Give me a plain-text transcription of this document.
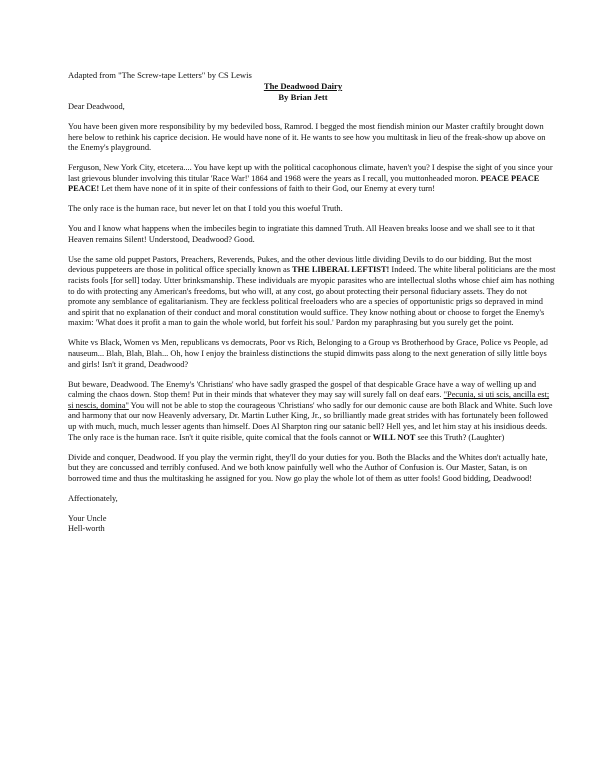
Adapted from "The Screw-tape Letters" by CS Lewis

The Deadwood Dairy

By Brian Jett

Dear Deadwood,

You have been given more responsibility by my bedeviled boss, Ramrod. I begged the most fiendish minion our Master craftily brought down here below to rethink his caprice decision. He would have none of it. He wants to see how you multitask in lieu of the freak-show up above on the Enemy's playground.

Ferguson, New York City, etcetera.... You have kept up with the political cacophonous climate, haven't you? I despise the sight of you since your last grievous blunder involving this titular 'Race War!' 1864 and 1968 were the years as I recall, you muttonheaded moron. PEACE PEACE PEACE! Let them have none of it in spite of their confessions of faith to their God, our Enemy at every turn!

The only race is the human race, but never let on that I told you this woeful Truth.

You and I know what happens when the imbeciles begin to ingratiate this damned Truth. All Heaven breaks loose and we shall see to it that Heaven remains Silent! Understood, Deadwood? Good.

Use the same old puppet Pastors, Preachers, Reverends, Pukes, and the other devious little dividing Devils to do our bidding. But the most devious puppeteers are those in political office specially known as THE LIBERAL LEFTIST! Indeed. The white liberal politicians are the most racists fools [for sell] today. Utter brinksmanship. These individuals are myopic parasites who are intellectual sloths whose chief aim has nothing to do with protecting any American's freedoms, but who will, at any cost, go about protecting their personal fiduciary assets. They do not promote any semblance of egalitarianism. They are feckless political freeloaders who are a species of opportunistic prigs so depraved in mind and spirit that no explanation of their conduct and moral constitution would suffice. They know nothing about or choose to forget the Enemy's maxim: 'What does it profit a man to gain the whole world, but forfeit his soul.' Pardon my paraphrasing but you surely get the point.

White vs Black, Women vs Men, republicans vs democrats, Poor vs Rich, Belonging to a Group vs Brotherhood by Grace, Police vs People, ad nauseum... Blah, Blah, Blah... Oh, how I enjoy the brainless distinctions the stupid dimwits pass along to the next generation of silly little boys and girls! Isn't it grand, Deadwood?

But beware, Deadwood. The Enemy's 'Christians' who have sadly grasped the gospel of that despicable Grace have a way of welling up and calming the chaos down. Stop them! Put in their minds that whatever they may say will surely fall on deaf ears. "Pecunia, si uti scis, ancilla est; si nescis, domina" You will not be able to stop the courageous 'Christians' who sadly for our demonic cause are both Black and White. Such love and harmony that our now Heavenly adversary, Dr. Martin Luther King, Jr., so brilliantly made great strides with has fortunately been followed up with much, much, much lesser agents than himself. Does Al Sharpton ring our satanic bell? Hell yes, and let him stay at his insidious deeds. The only race is the human race. Isn't it quite risible, quite comical that the fools cannot or WILL NOT see this Truth? (Laughter)

Divide and conquer, Deadwood. If you play the vermin right, they'll do your duties for you. Both the Blacks and the Whites don't actually hate, but they are concussed and terribly confused. And we both know painfully well who the Author of Confusion is. Our Master, Satan, is on borrowed time and thus the multitasking he assigned for you. Now go play the whole lot of them as utter fools! Good bidding, Deadwood!

Affectionately,

Your Uncle

Hell-worth
